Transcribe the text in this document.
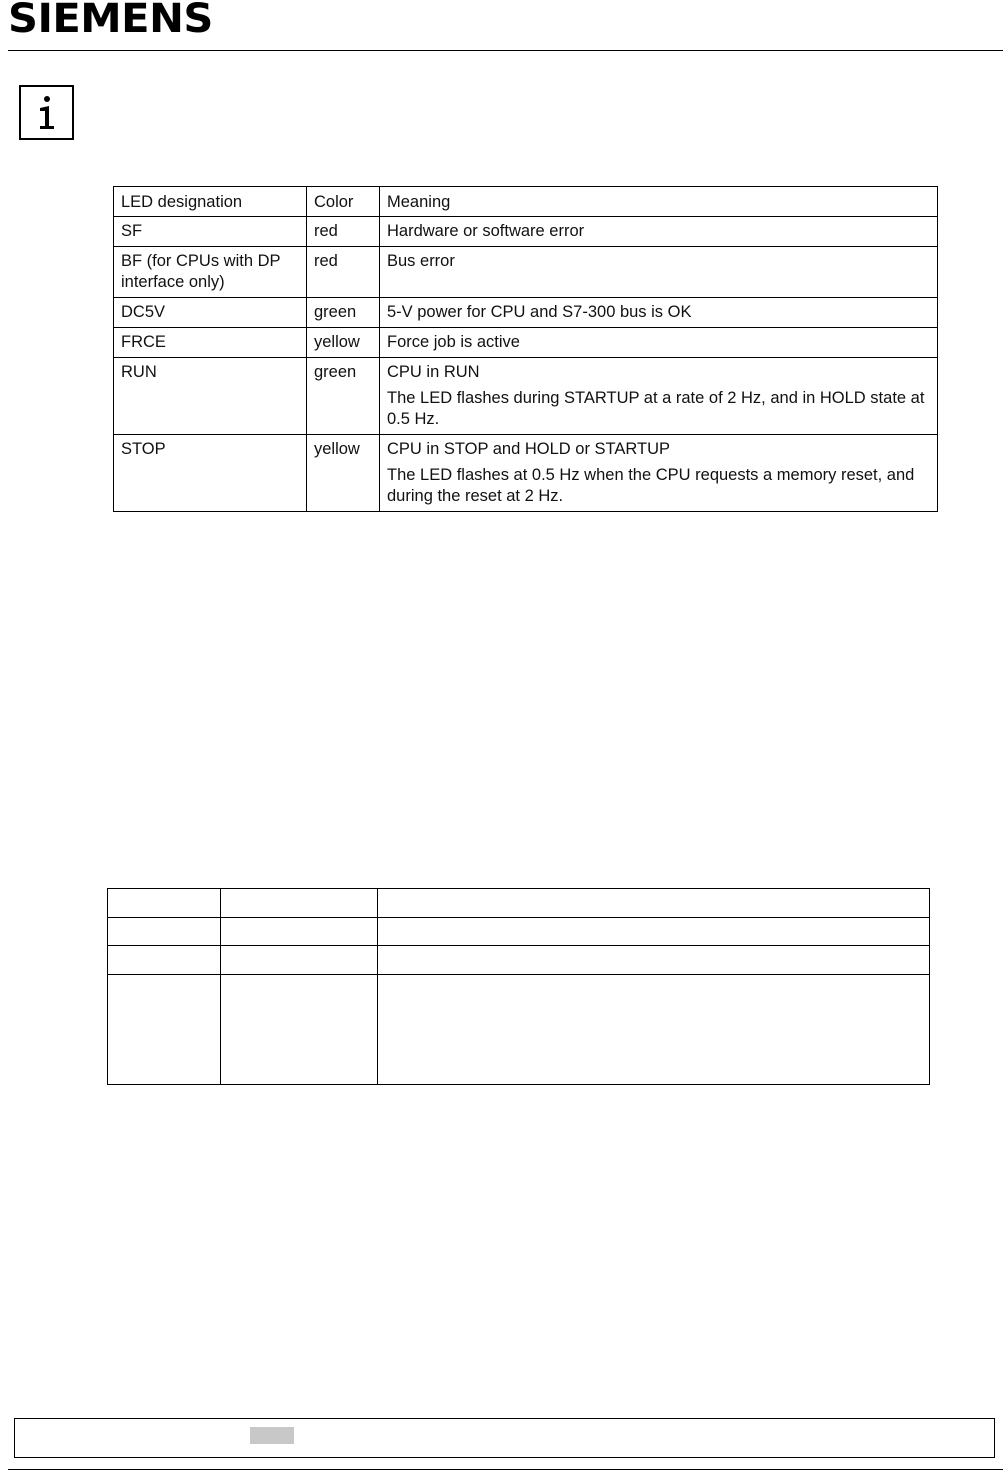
SIEMENS
LED designation	Color	Meaning
SF	red	Hardware or software error

BF (for CPUs with DP interface only)	red	Bus error

DC5V	green	5-V power for CPU and S7-300 bus is OK

FRCE	yellow	Force job is active

RUN	green	CPU in RUN
The LED flashes during STARTUP at a rate of 2 Hz, and in HOLD state at 0.5 Hz.

STOP	yellow	CPU in STOP and HOLD or STARTUP
The LED flashes at 0.5 Hz when the CPU requests a memory reset, and during the reset at 2 Hz.
